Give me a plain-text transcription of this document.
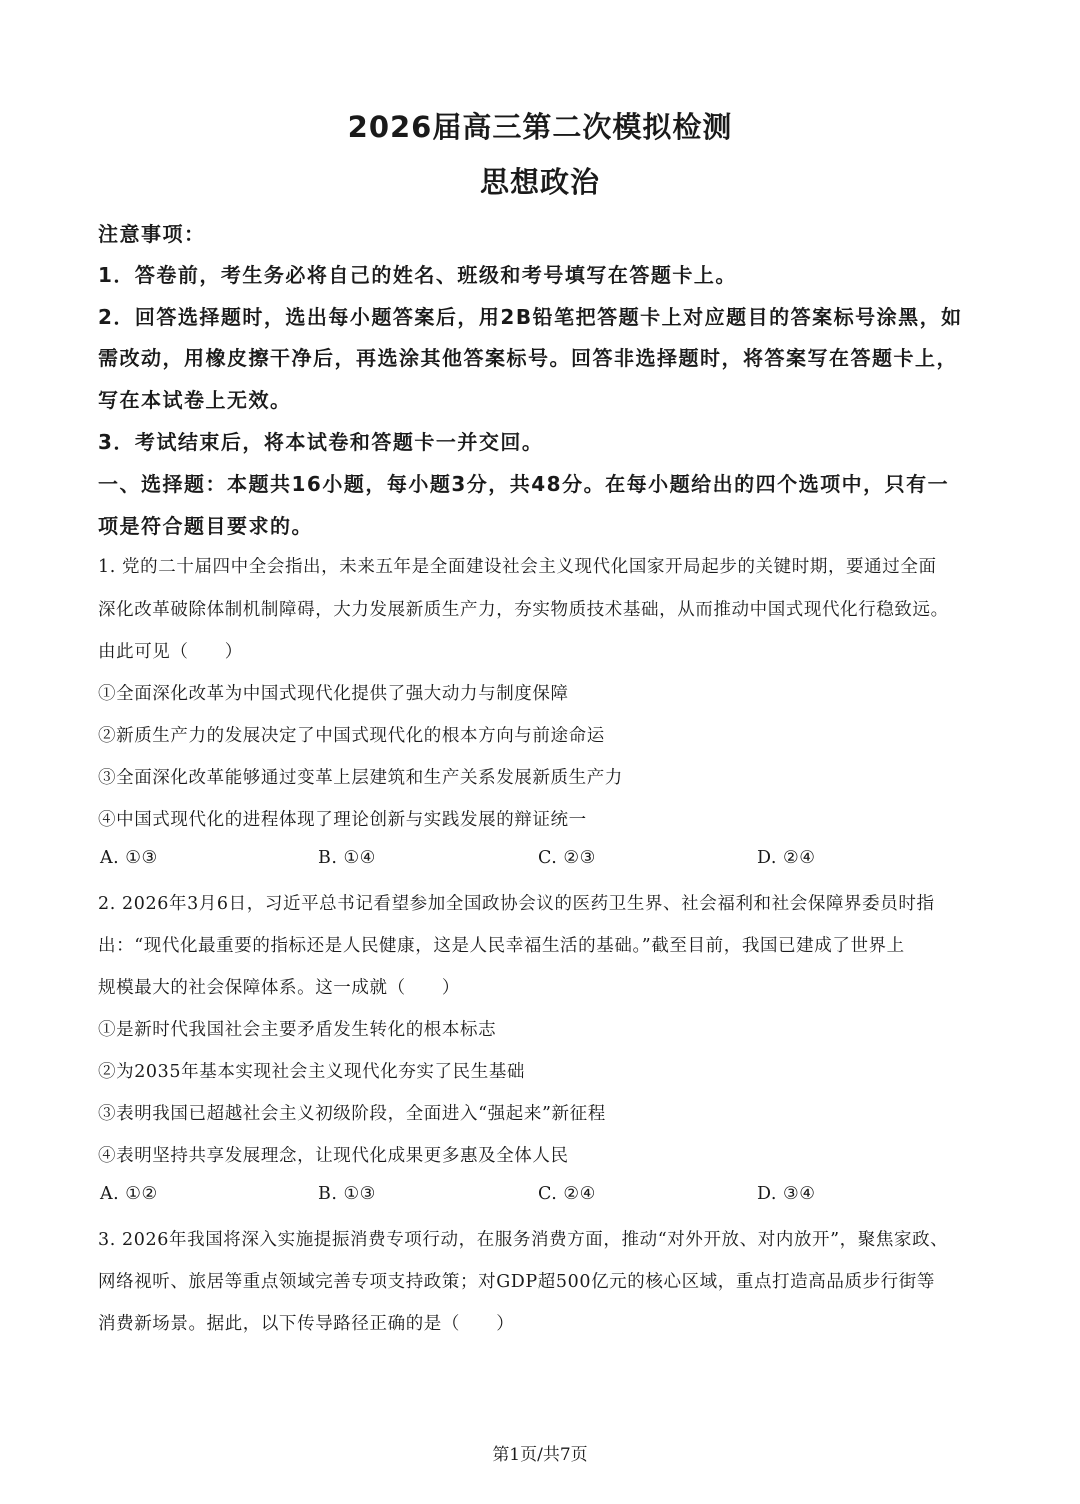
2026届高三第二次模拟检测
思想政治
注意事项：
1．答卷前，考生务必将自己的姓名、班级和考号填写在答题卡上。
2．回答选择题时，选出每小题答案后，用2B铅笔把答题卡上对应题目的答案标号涂黑，如
需改动，用橡皮擦干净后，再选涂其他答案标号。回答非选择题时，将答案写在答题卡上，
写在本试卷上无效。
3．考试结束后，将本试卷和答题卡一并交回。
一、选择题：本题共16小题，每小题3分，共48分。在每小题给出的四个选项中，只有一
项是符合题目要求的。
1. 党的二十届四中全会指出，未来五年是全面建设社会主义现代化国家开局起步的关键时期，要通过全面
深化改革破除体制机制障碍，大力发展新质生产力，夯实物质技术基础，从而推动中国式现代化行稳致远。
由此可见（　　）
①全面深化改革为中国式现代化提供了强大动力与制度保障
②新质生产力的发展决定了中国式现代化的根本方向与前途命运
③全面深化改革能够通过变革上层建筑和生产关系发展新质生产力
④中国式现代化的进程体现了理论创新与实践发展的辩证统一
A. ①③	B. ①④	C. ②③	D. ②④
2. 2026年3月6日，习近平总书记看望参加全国政协会议的医药卫生界、社会福利和社会保障界委员时指
出：“现代化最重要的指标还是人民健康，这是人民幸福生活的基础。”截至目前，我国已建成了世界上
规模最大的社会保障体系。这一成就（　　）
①是新时代我国社会主要矛盾发生转化的根本标志
②为2035年基本实现社会主义现代化夯实了民生基础
③表明我国已超越社会主义初级阶段，全面进入“强起来”新征程
④表明坚持共享发展理念，让现代化成果更多惠及全体人民
A. ①②	B. ①③	C. ②④	D. ③④
3. 2026年我国将深入实施提振消费专项行动，在服务消费方面，推动“对外开放、对内放开”，聚焦家政、
网络视听、旅居等重点领域完善专项支持政策；对GDP超500亿元的核心区域，重点打造高品质步行街等
消费新场景。据此，以下传导路径正确的是（　　）
第1页/共7页
